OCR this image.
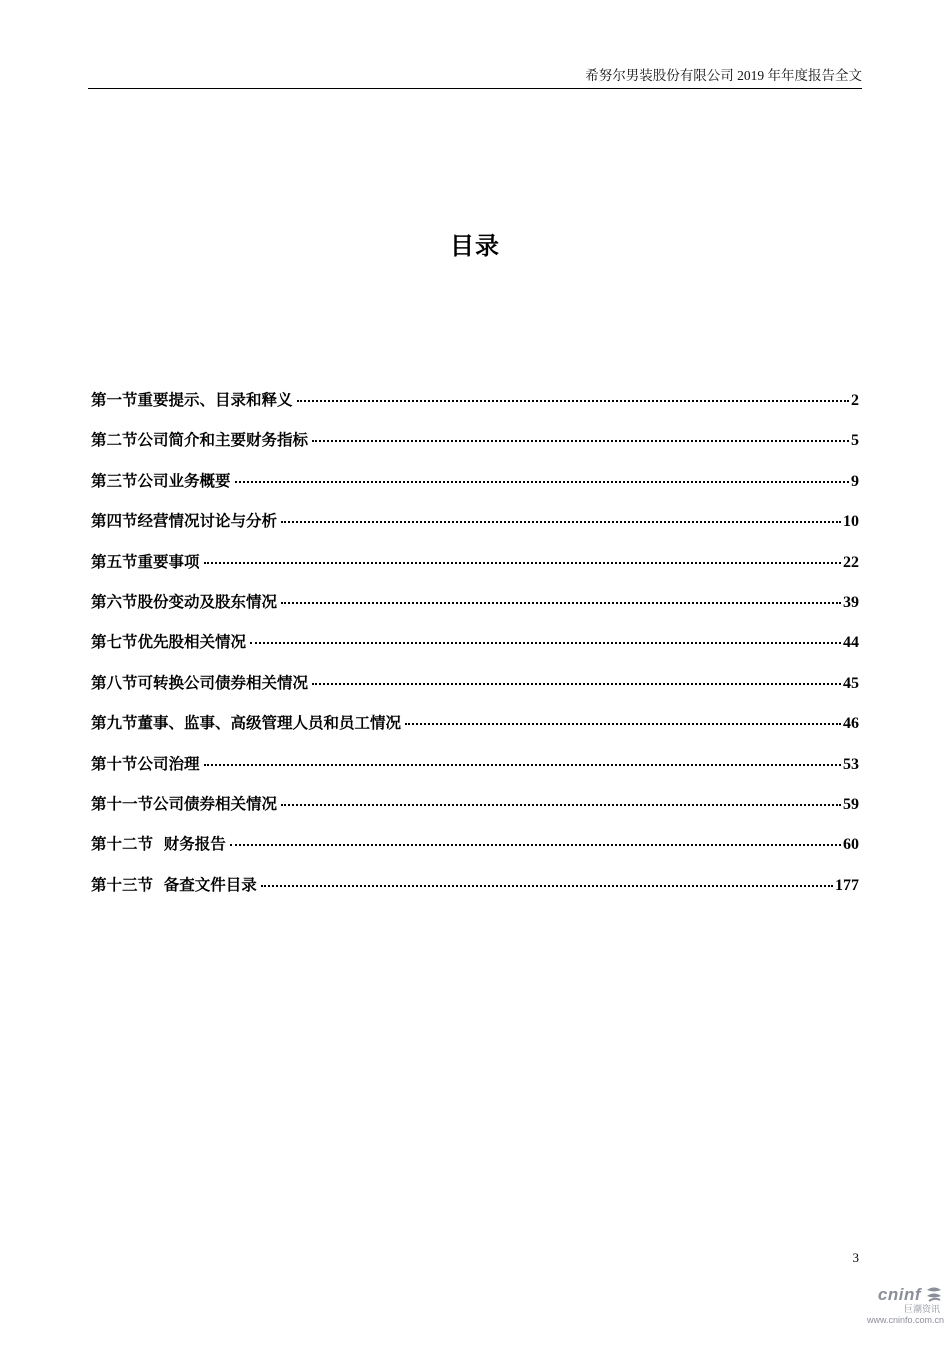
希努尔男装股份有限公司 2019 年年度报告全文
目录
第一节重要提示、目录和释义	2
第二节公司简介和主要财务指标	5
第三节公司业务概要	9
第四节经营情况讨论与分析	10
第五节重要事项	22
第六节股份变动及股东情况	39
第七节优先股相关情况	44
第八节可转换公司债券相关情况	45
第九节董事、监事、高级管理人员和员工情况	46
第十节公司治理	53
第十一节公司债券相关情况	59
第十二节  财务报告	60
第十三节  备查文件目录	177
3
cninf
巨潮资讯
www.cninfo.com.cn
